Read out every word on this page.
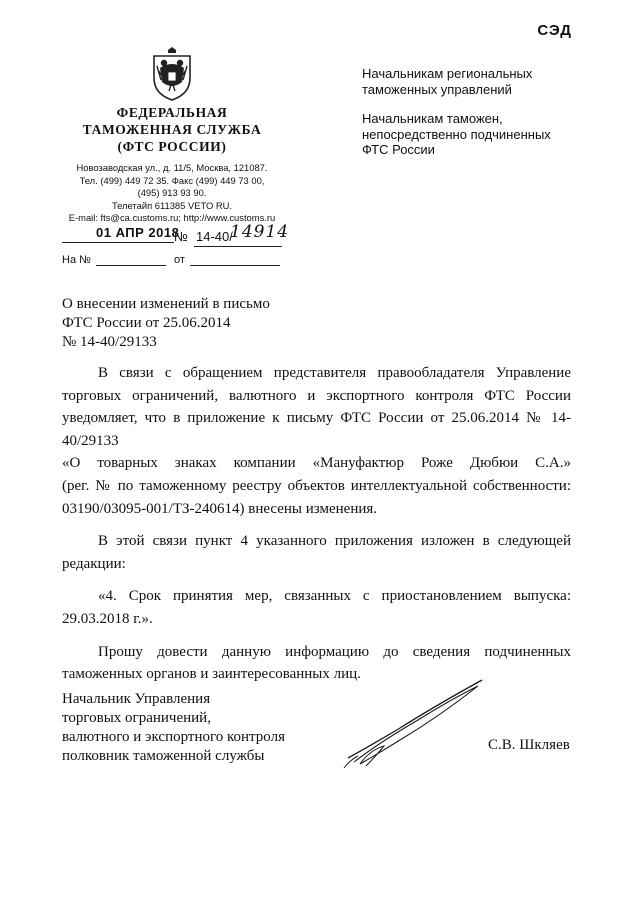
СЭД
ФЕДЕРАЛЬНАЯ
ТАМОЖЕННАЯ СЛУЖБА
(ФТС РОССИИ)
Новозаводская ул., д. 11/5, Москва, 121087.
Тел. (499) 449 72 35. Факс (499) 449 73 00,
(495) 913 93 90.
Телетайп 611385 VETO RU.
E-mail: fts@ca.customs.ru; http://www.customs.ru
01 АПР 2018
№ 14-40/
14914
На №	от

Начальникам региональных
таможенных управлений

Начальникам таможен,
непосредственно подчиненных
ФТС России

О внесении изменений в письмо
ФТС России от 25.06.2014
№ 14-40/29133

В связи с обращением представителя правообладателя Управление
торговых ограничений, валютного и экспортного контроля ФТС России
уведомляет, что в приложение к письму ФТС России от 25.06.2014 № 14-40/29133
«О товарных знаках компании «Мануфактюр Роже Дюбюи С.А.»
(рег. № по таможенному реестру объектов интеллектуальной собственности:
03190/03095-001/ТЗ-240614) внесены изменения.

В этой связи пункт 4 указанного приложения изложен в следующей
редакции:

«4. Срок принятия мер, связанных с приостановлением выпуска:
29.03.2018 г.».

Прошу довести данную информацию до сведения подчиненных
таможенных органов и заинтересованных лиц.

Начальник Управления
торговых ограничений,
валютного и экспортного контроля
полковник таможенной службы
С.В. Шкляев
